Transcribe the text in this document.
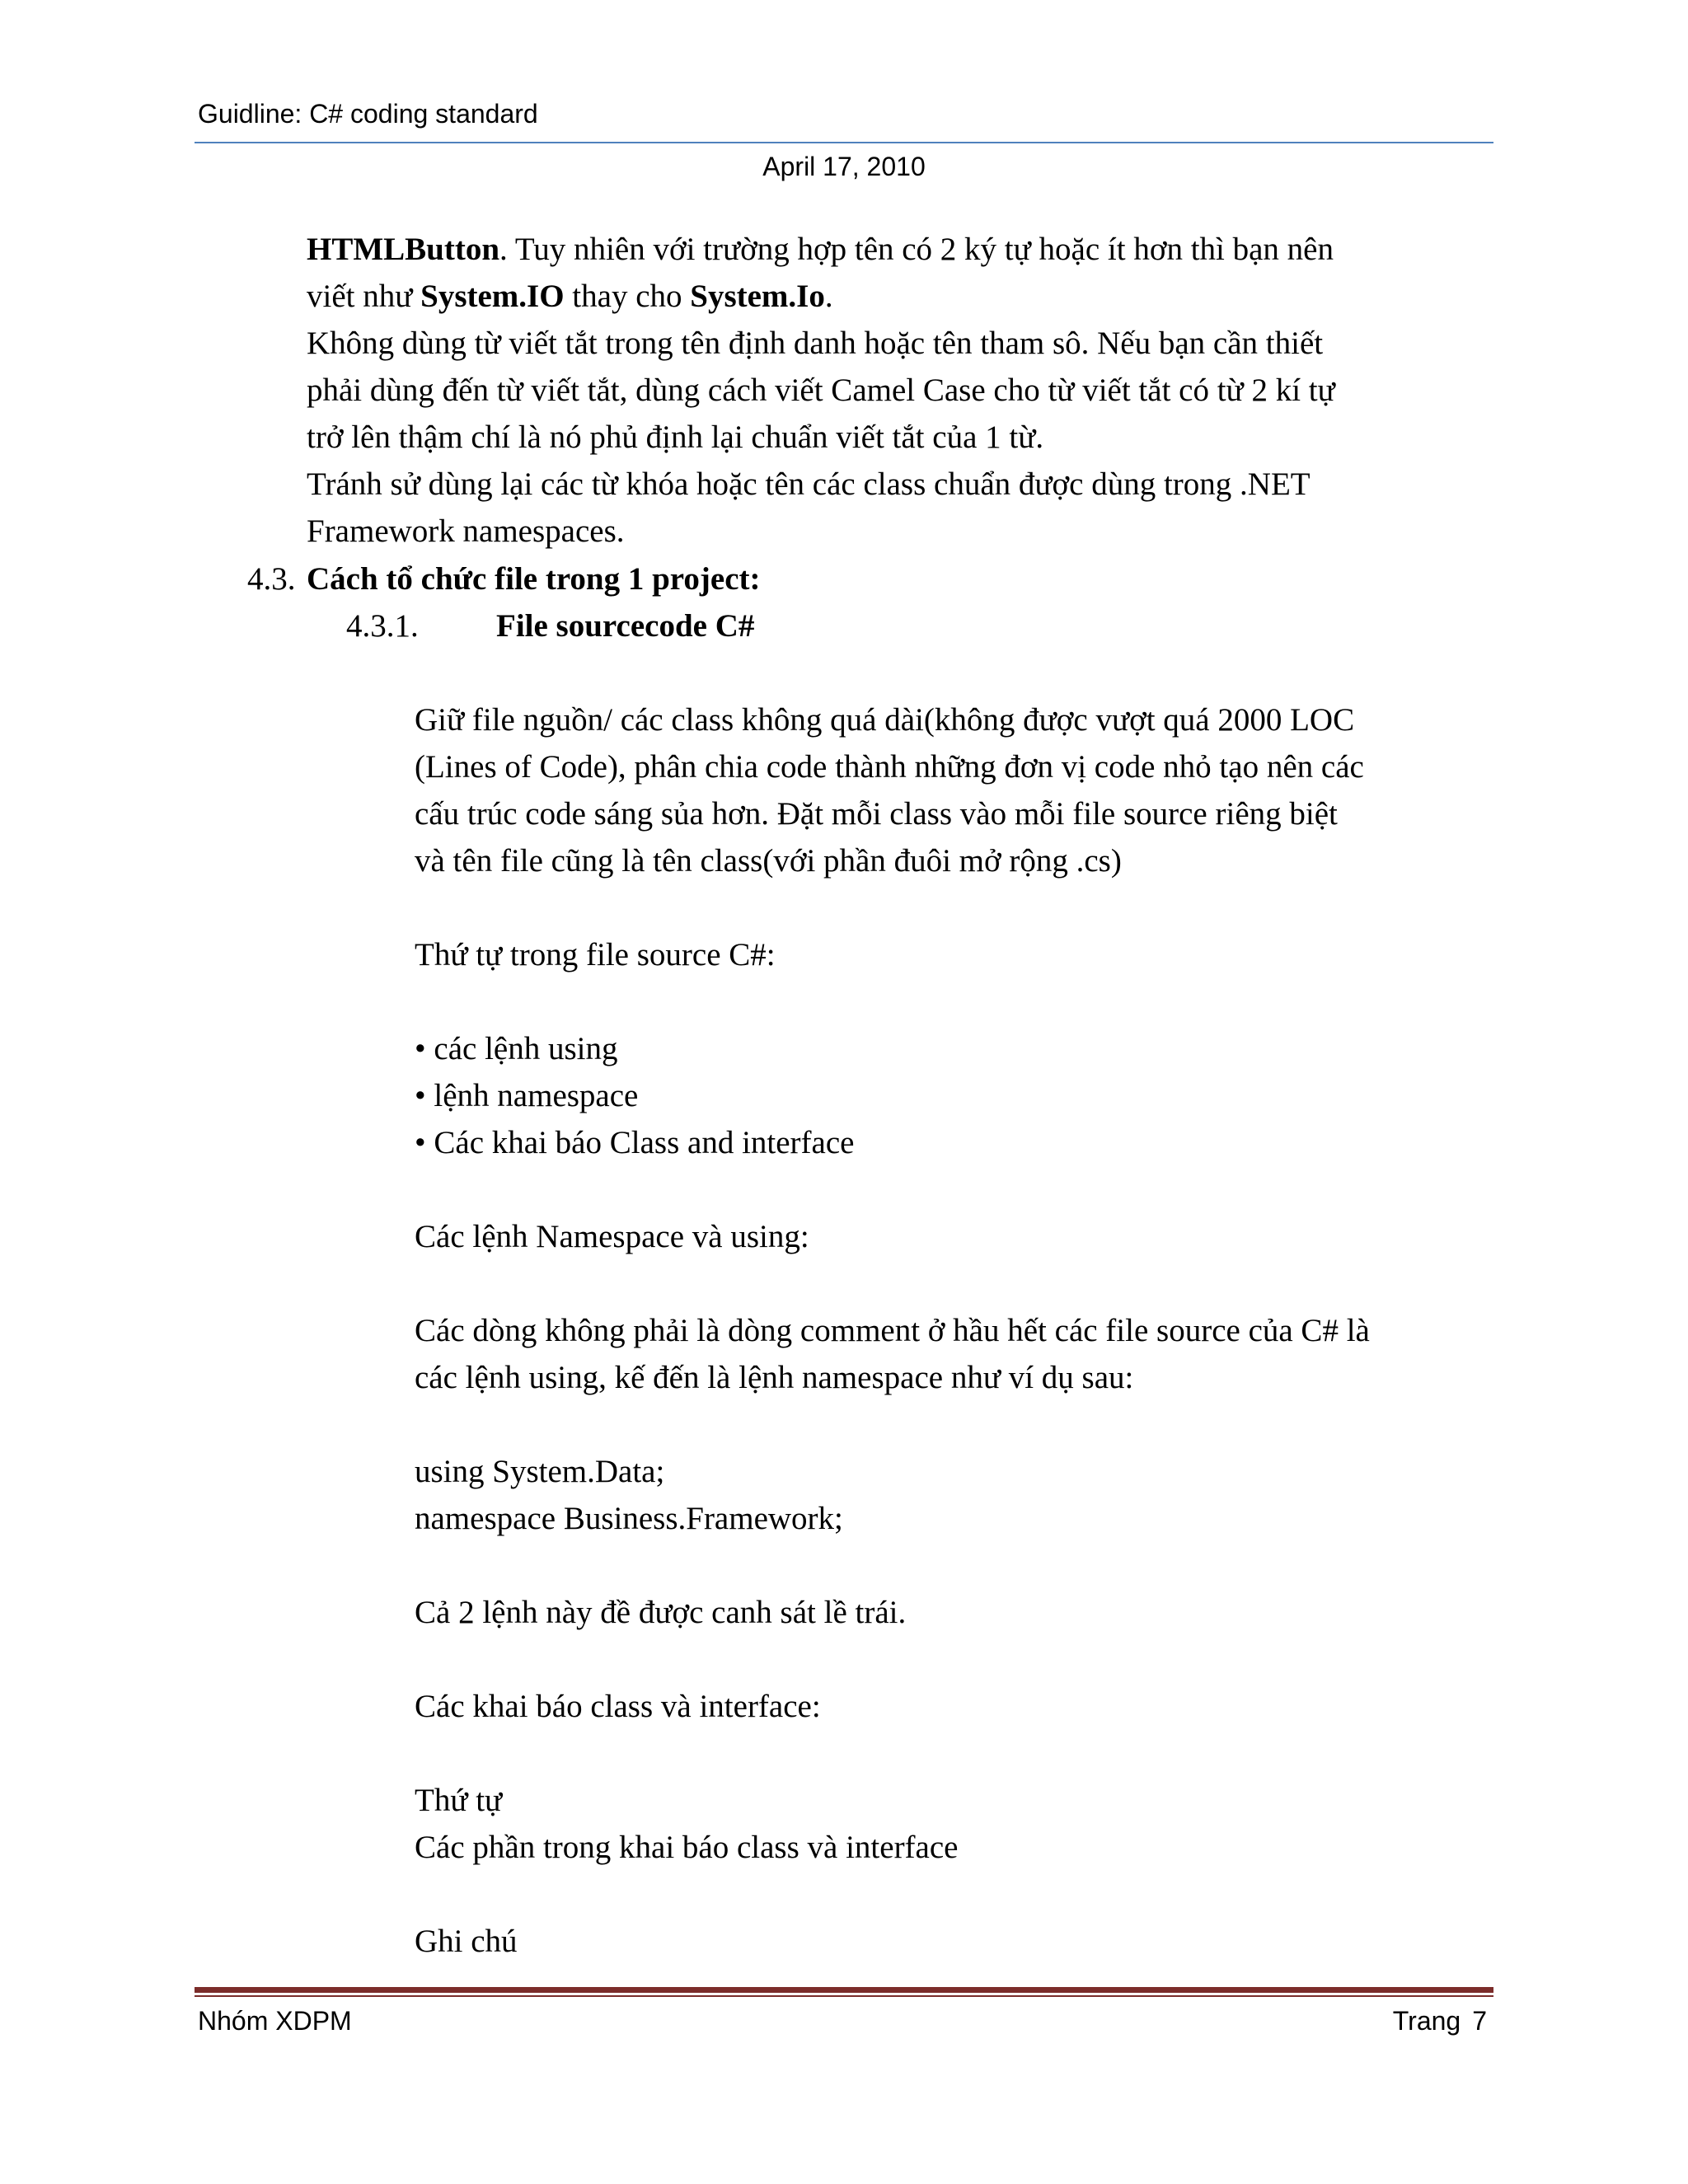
Guidline: C# coding standard
April 17, 2010
HTMLButton. Tuy nhiên với trường hợp tên có 2 ký tự hoặc ít hơn thì bạn nên
viết như System.IO thay cho System.Io.
Không dùng từ viết tắt trong tên định danh hoặc tên tham sô. Nếu bạn cần thiết
phải dùng đến từ viết tắt, dùng cách viết Camel Case cho từ viết tắt có từ 2 kí tự
trở lên thậm chí là nó phủ định lại chuẩn viết tắt của 1 từ.
Tránh sử dùng lại các từ khóa hoặc tên các class chuẩn được dùng trong .NET
Framework namespaces.
4.3. Cách tổ chức file trong 1 project:
4.3.1. File sourcecode C#
Giữ file nguồn/ các class không quá dài(không được vượt quá 2000 LOC
(Lines of Code), phân chia code thành những đơn vị code nhỏ tạo nên các
cấu trúc code sáng sủa hơn. Đặt mỗi class vào mỗi file source riêng biệt
và tên file cũng là tên class(với phần đuôi mở rộng .cs)
Thứ tự trong file source C#:
• các lệnh using
• lệnh namespace
• Các khai báo Class and interface
Các lệnh Namespace và using:
Các dòng không phải là dòng comment ở hầu hết các file source của C# là
các lệnh using, kế đến là lệnh namespace như ví dụ sau:
using System.Data;
namespace Business.Framework;
Cả 2 lệnh này đề được canh sát lề trái.
Các khai báo class và interface:
Thứ tự
Các phần trong khai báo class và interface
Ghi chú
Nhóm XDPM	Trang 7
